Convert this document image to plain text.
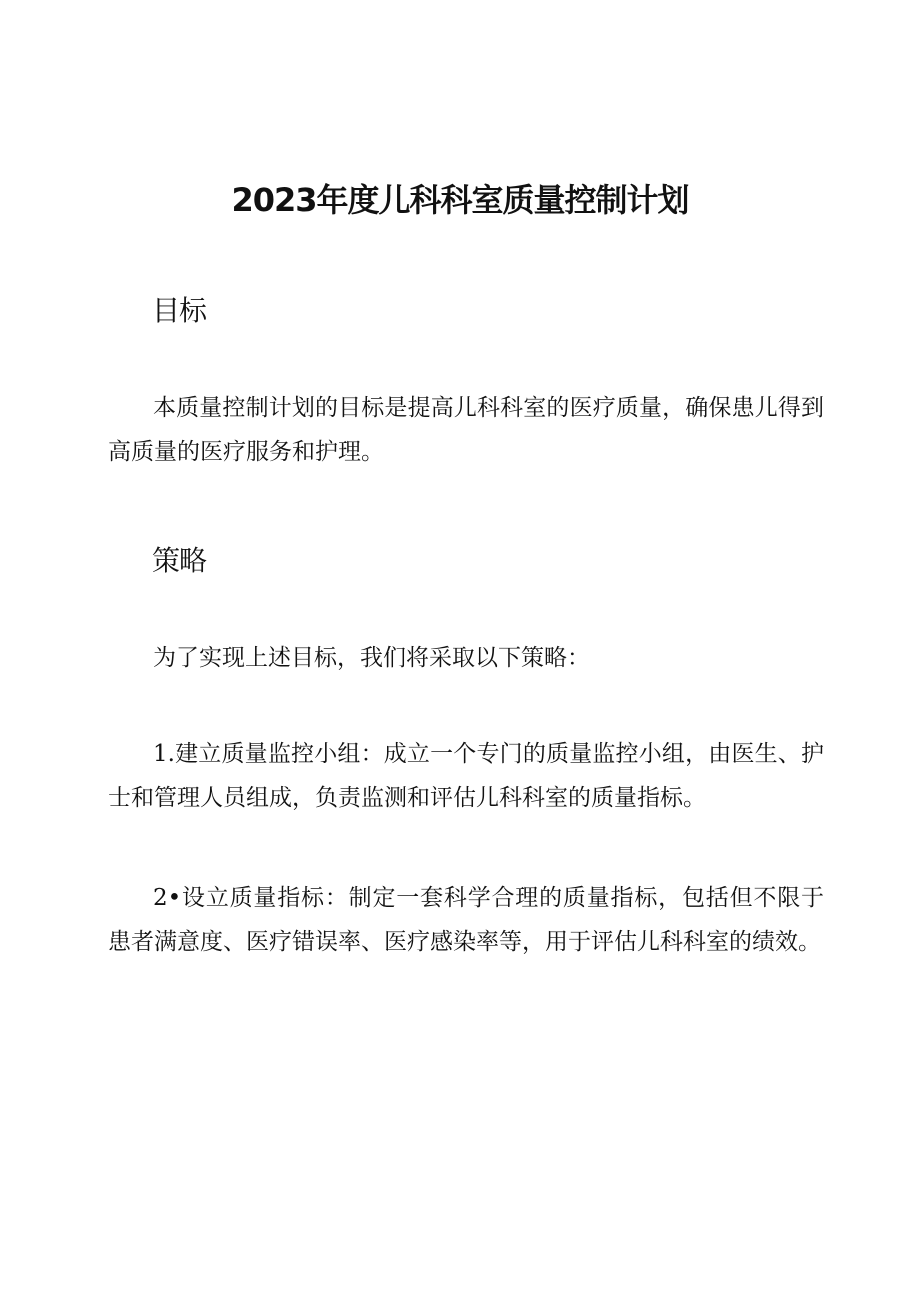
2023年度儿科科室质量控制计划
目标

本质量控制计划的目标是提高儿科科室的医疗质量，确保患儿得到高质量的医疗服务和护理。

策略

为了实现上述目标，我们将采取以下策略：

1.建立质量监控小组：成立一个专门的质量监控小组，由医生、护士和管理人员组成，负责监测和评估儿科科室的质量指标。

2•设立质量指标：制定一套科学合理的质量指标，包括但不限于患者满意度、医疗错误率、医疗感染率等，用于评估儿科科室的绩效。
